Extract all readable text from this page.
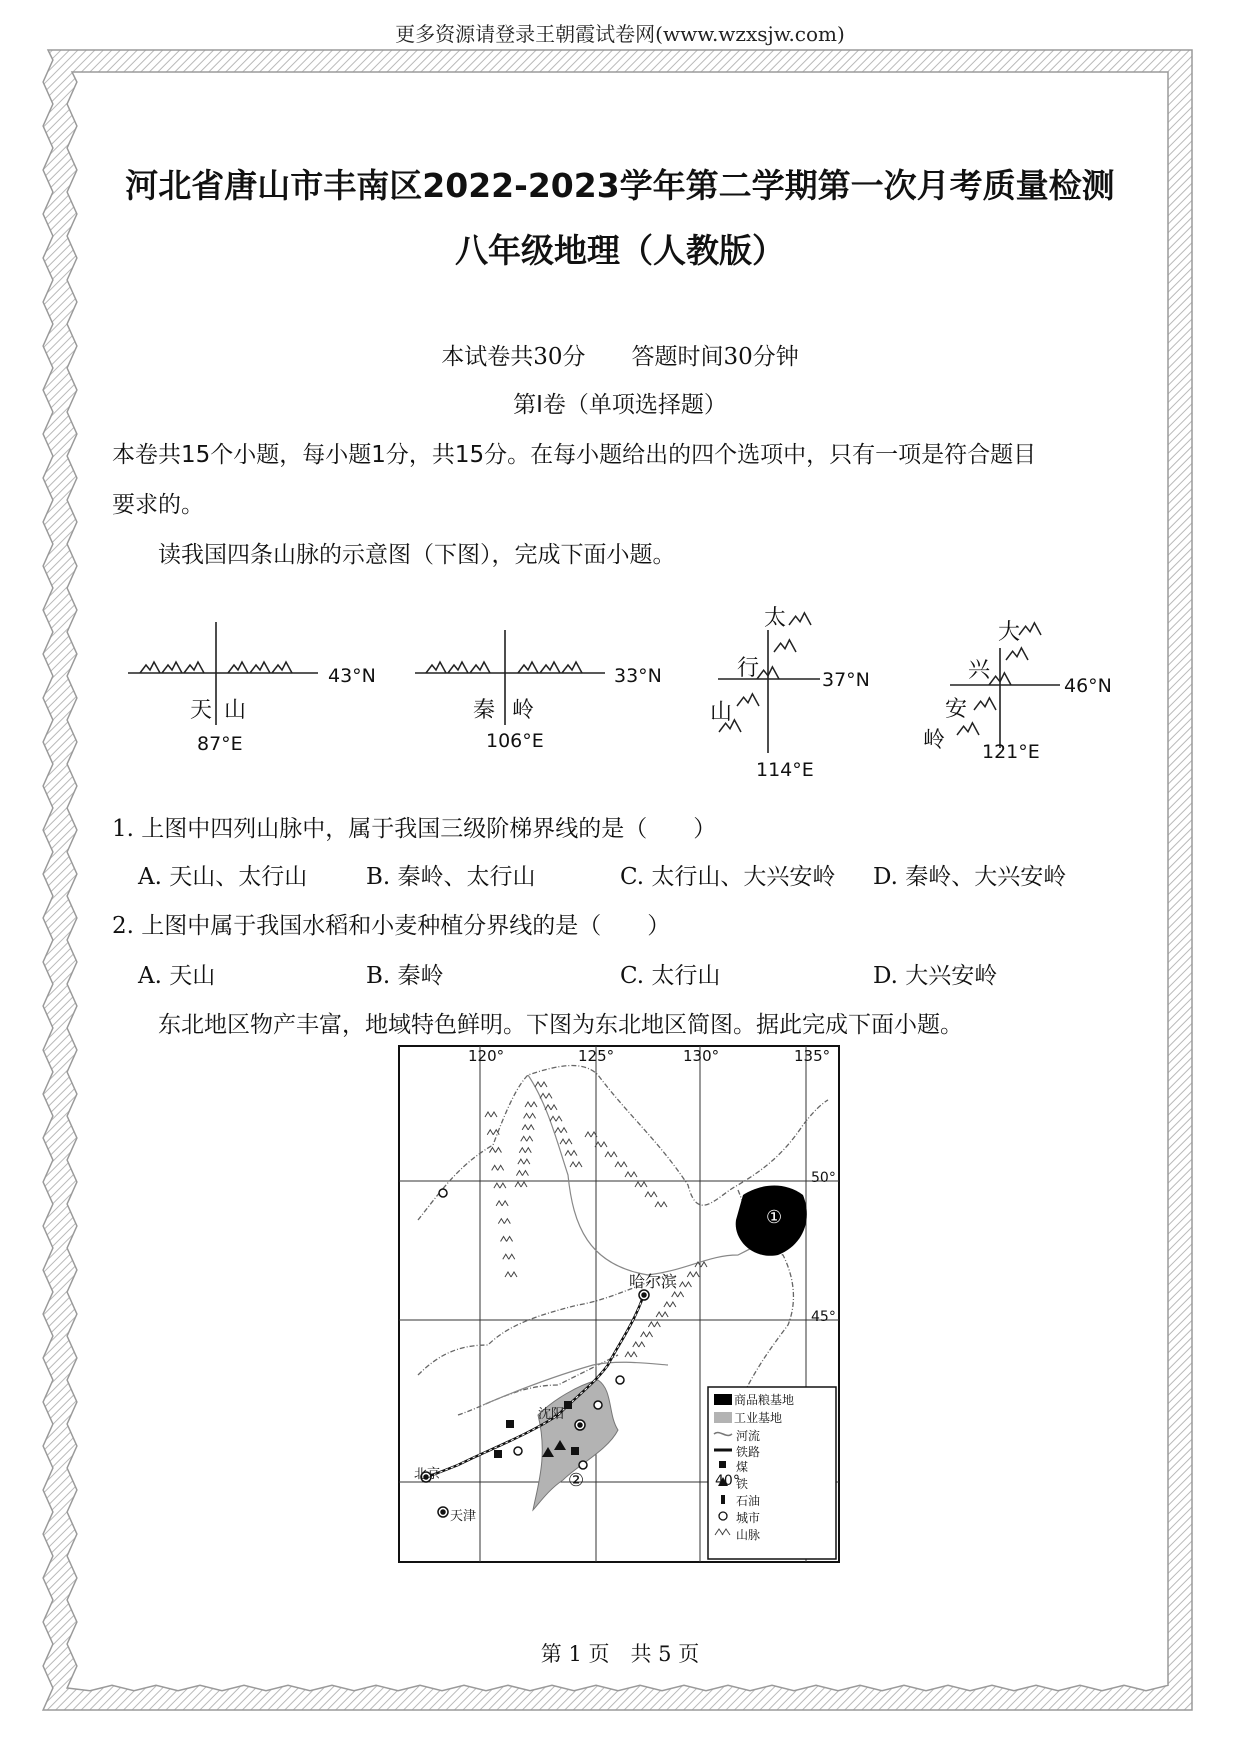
更多资源请登录王朝霞试卷网(www.wzxsjw.com)
河北省唐山市丰南区2022-2023学年第二学期第一次月考质量检测
八年级地理（人教版）
本试卷共30分　　答题时间30分钟
第Ⅰ卷（单项选择题）
本卷共15个小题，每小题1分，共15分。在每小题给出的四个选项中，只有一项是符合题目
要求的。
读我国四条山脉的示意图（下图），完成下面小题。
天 山
43°N
87°E
秦 岭
33°N
106°E
太
行
山
37°N
114°E
大
兴
安
岭
46°N
121°E
1. 上图中四列山脉中，属于我国三级阶梯界线的是（　　）
A. 天山、太行山	B. 秦岭、太行山	C. 太行山、大兴安岭 D. 秦岭、大兴安岭
2. 上图中属于我国水稻和小麦种植分界线的是（　　）
A. 天山	B. 秦岭	C. 太行山	D. 大兴安岭
东北地区物产丰富，地域特色鲜明。下图为东北地区简图。据此完成下面小题。
120°	125°	130°	135°
50°
45°
40°
哈尔滨
沈阳
北京
天津
①
②
商品粮基地
工业基地
河流
铁路
煤
铁
石油
城市
山脉
第 1 页　共 5 页
